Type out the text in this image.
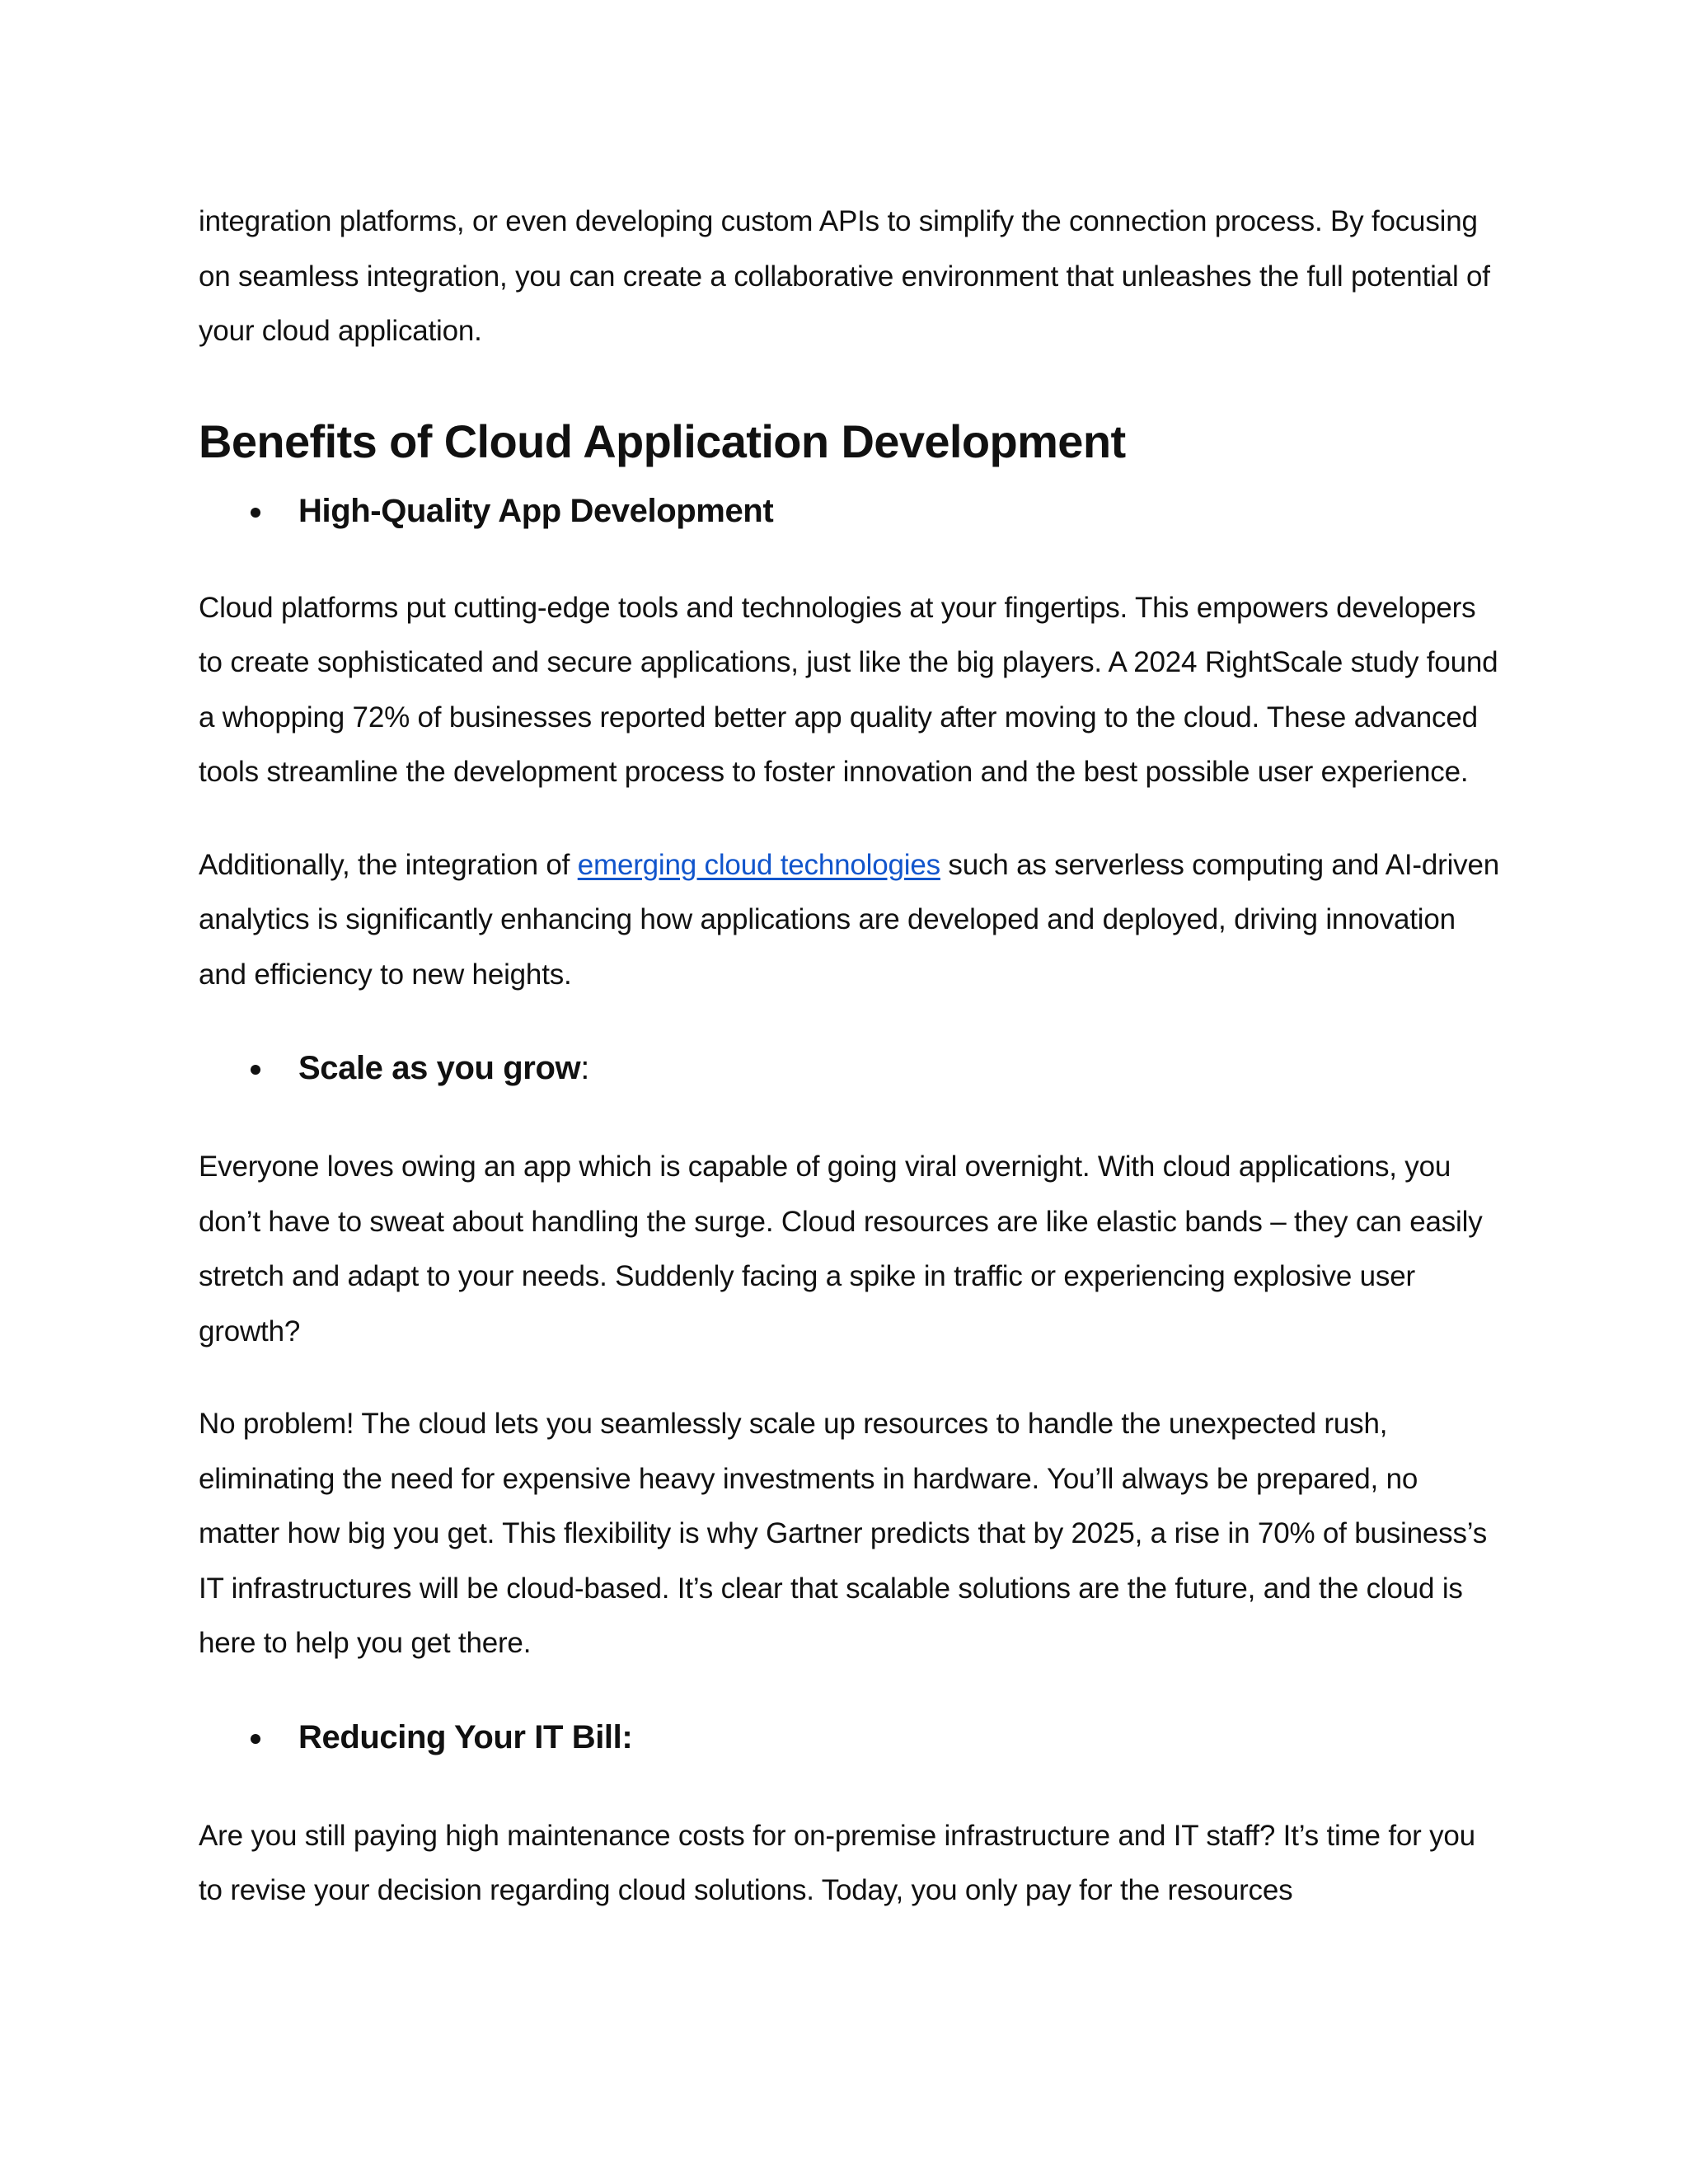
integration platforms, or even developing custom APIs to simplify the connection process. By focusing on seamless integration, you can create a collaborative environment that unleashes the full potential of your cloud application.

Benefits of Cloud Application Development
High-Quality App Development

Cloud platforms put cutting-edge tools and technologies at your fingertips. This empowers developers to create sophisticated and secure applications, just like the big players. A 2024 RightScale study found a whopping 72% of businesses reported better app quality after moving to the cloud. These advanced tools streamline the development process to foster innovation and the best possible user experience.

Additionally, the integration of emerging cloud technologies such as serverless computing and AI-driven analytics is significantly enhancing how applications are developed and deployed, driving innovation and efficiency to new heights.

Scale as you grow:

Everyone loves owing an app which is capable of going viral overnight. With cloud applications, you don’t have to sweat about handling the surge. Cloud resources are like elastic bands – they can easily stretch and adapt to your needs. Suddenly facing a spike in traffic or experiencing explosive user growth?

No problem! The cloud lets you seamlessly scale up resources to handle the unexpected rush, eliminating the need for expensive heavy investments in hardware. You’ll always be prepared, no matter how big you get. This flexibility is why Gartner predicts that by 2025, a rise in 70% of business’s IT infrastructures will be cloud-based. It’s clear that scalable solutions are the future, and the cloud is here to help you get there.

Reducing Your IT Bill:

Are you still paying high maintenance costs for on-premise infrastructure and IT staff? It’s time for you to revise your decision regarding cloud solutions. Today, you only pay for the resources
